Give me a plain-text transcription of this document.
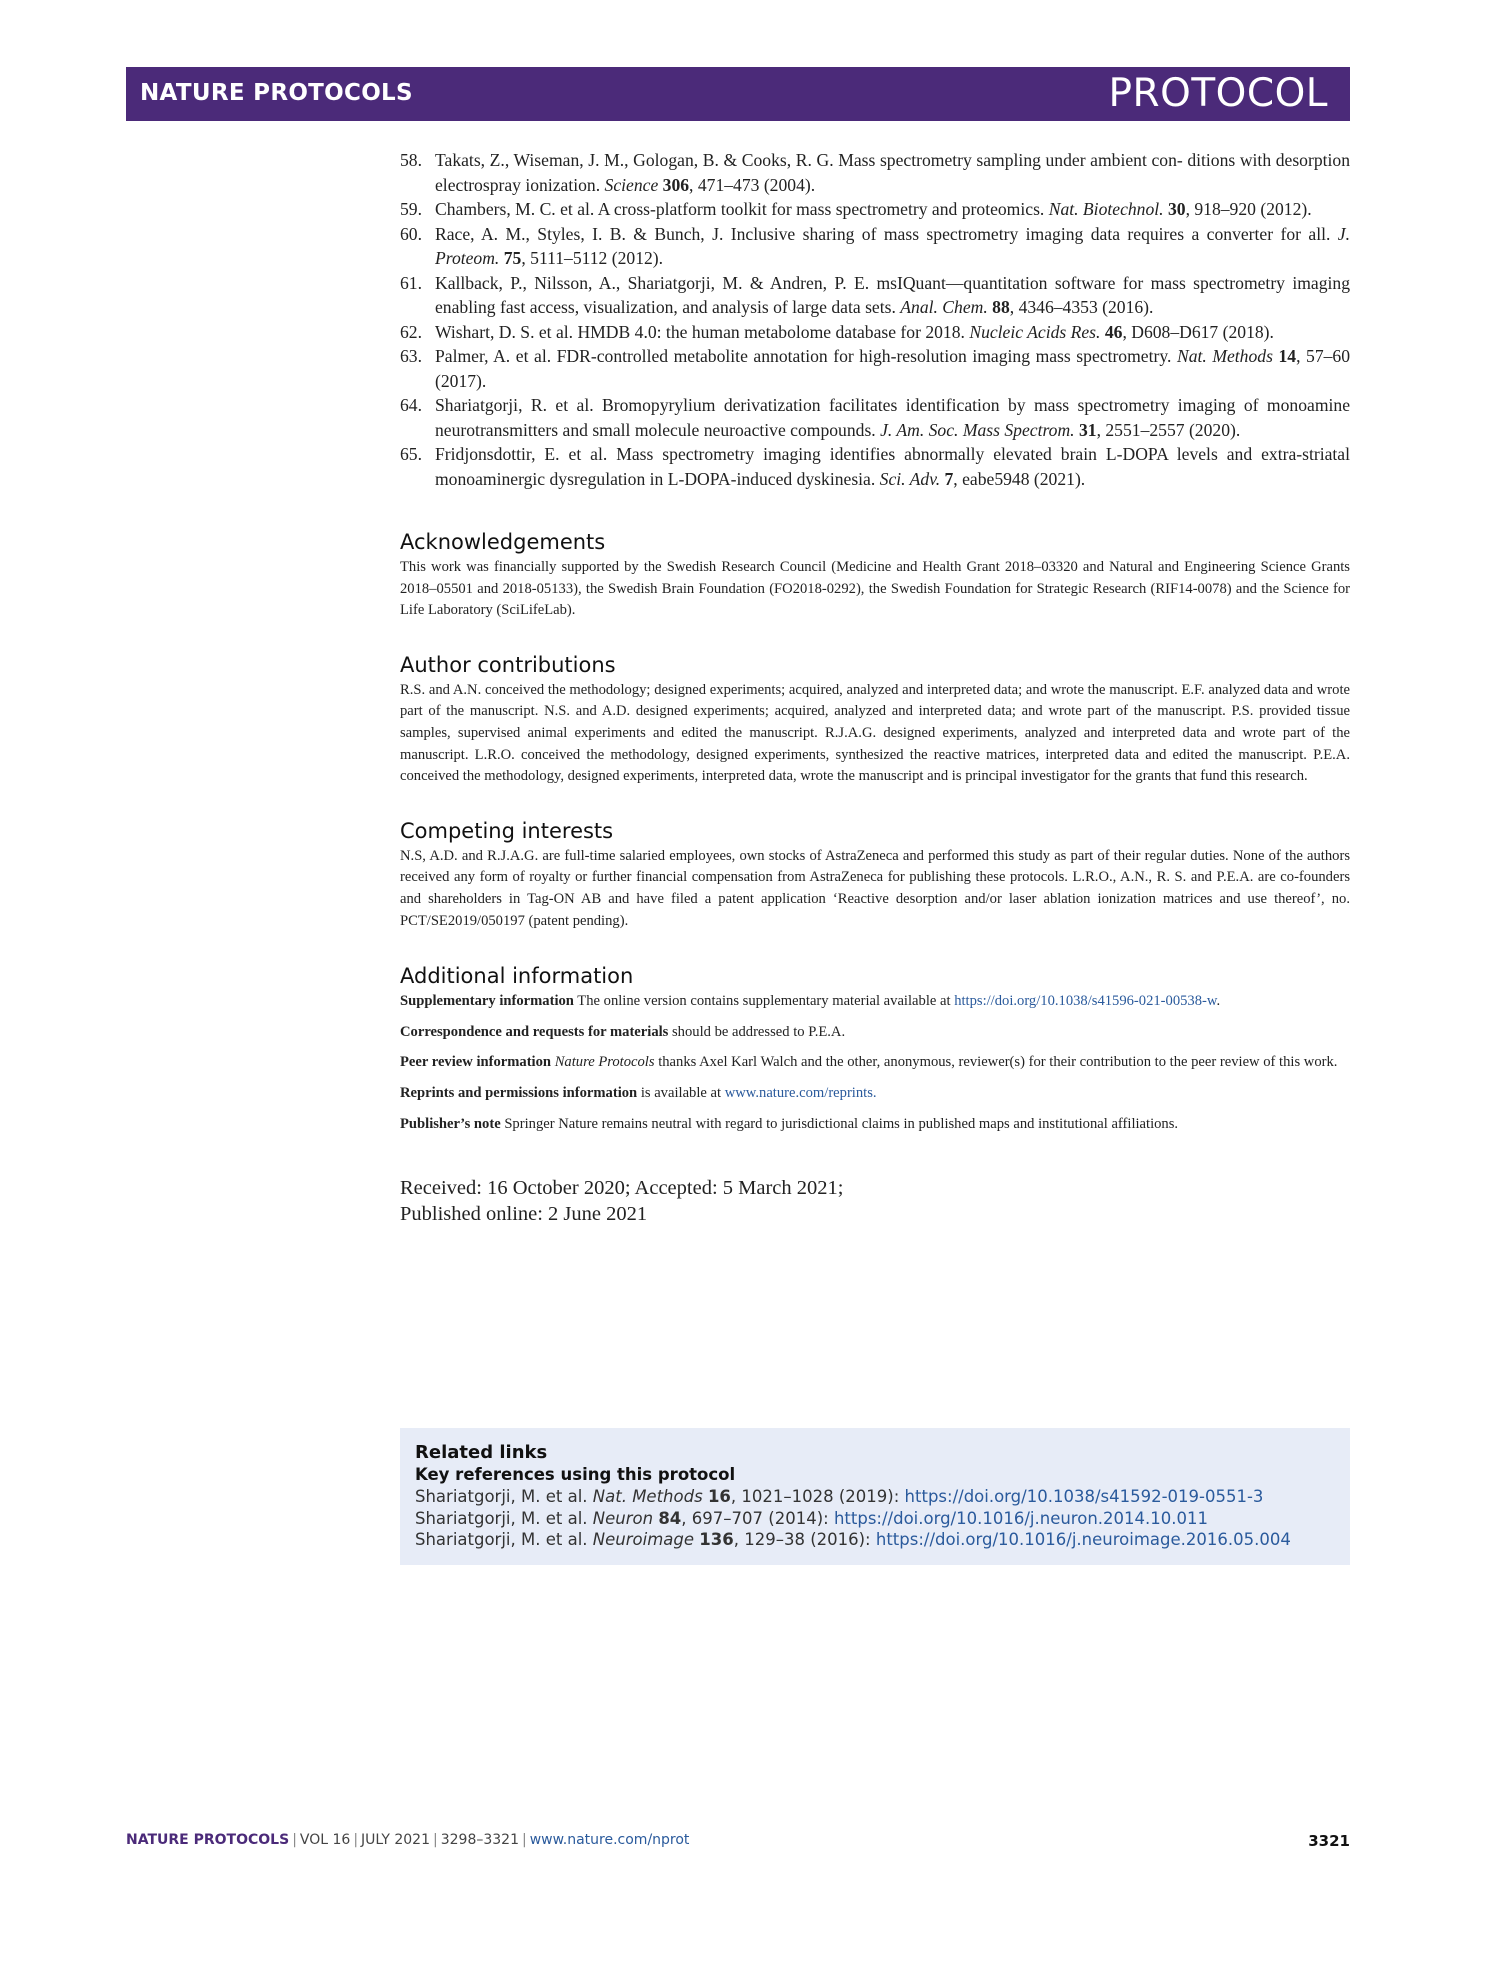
NATURE PROTOCOLS	PROTOCOL
58. Takats, Z., Wiseman, J. M., Gologan, B. & Cooks, R. G. Mass spectrometry sampling under ambient con- ditions with desorption electrospray ionization. Science 306, 471–473 (2004).
59. Chambers, M. C. et al. A cross-platform toolkit for mass spectrometry and proteomics. Nat. Biotechnol. 30, 918–920 (2012).
60. Race, A. M., Styles, I. B. & Bunch, J. Inclusive sharing of mass spectrometry imaging data requires a converter for all. J. Proteom. 75, 5111–5112 (2012).
61. Kallback, P., Nilsson, A., Shariatgorji, M. & Andren, P. E. msIQuant—quantitation software for mass spectrometry imaging enabling fast access, visualization, and analysis of large data sets. Anal. Chem. 88, 4346–4353 (2016).
62. Wishart, D. S. et al. HMDB 4.0: the human metabolome database for 2018. Nucleic Acids Res. 46, D608–D617 (2018).
63. Palmer, A. et al. FDR-controlled metabolite annotation for high-resolution imaging mass spectrometry. Nat. Methods 14, 57–60 (2017).
64. Shariatgorji, R. et al. Bromopyrylium derivatization facilitates identification by mass spectrometry imaging of monoamine neurotransmitters and small molecule neuroactive compounds. J. Am. Soc. Mass Spectrom. 31, 2551–2557 (2020).
65. Fridjonsdottir, E. et al. Mass spectrometry imaging identifies abnormally elevated brain L-DOPA levels and extra-striatal monoaminergic dysregulation in L-DOPA-induced dyskinesia. Sci. Adv. 7, eabe5948 (2021).
Acknowledgements

This work was financially supported by the Swedish Research Council (Medicine and Health Grant 2018–03320 and Natural and Engineering Science Grants 2018–05501 and 2018-05133), the Swedish Brain Foundation (FO2018-0292), the Swedish Foundation for Strategic Research (RIF14-0078) and the Science for Life Laboratory (SciLifeLab).

Author contributions

R.S. and A.N. conceived the methodology; designed experiments; acquired, analyzed and interpreted data; and wrote the manuscript. E.F. analyzed data and wrote part of the manuscript. N.S. and A.D. designed experiments; acquired, analyzed and interpreted data; and wrote part of the manuscript. P.S. provided tissue samples, supervised animal experiments and edited the manuscript. R.J.A.G. designed experiments, analyzed and interpreted data and wrote part of the manuscript. L.R.O. conceived the methodology, designed experiments, synthesized the reactive matrices, interpreted data and edited the manuscript. P.E.A. conceived the methodology, designed experiments, interpreted data, wrote the manuscript and is principal investigator for the grants that fund this research.

Competing interests

N.S, A.D. and R.J.A.G. are full-time salaried employees, own stocks of AstraZeneca and performed this study as part of their regular duties. None of the authors received any form of royalty or further financial compensation from AstraZeneca for publishing these protocols. L.R.O., A.N., R. S. and P.E.A. are co-founders and shareholders in Tag-ON AB and have filed a patent application ‘Reactive desorption and/or laser ablation ionization matrices and use thereof’, no. PCT/SE2019/050197 (patent pending).

Additional information

Supplementary information The online version contains supplementary material available at https://doi.org/10.1038/s41596-021-00538-w.

Correspondence and requests for materials should be addressed to P.E.A.

Peer review information Nature Protocols thanks Axel Karl Walch and the other, anonymous, reviewer(s) for their contribution to the peer review of this work.

Reprints and permissions information is available at www.nature.com/reprints.

Publisher’s note Springer Nature remains neutral with regard to jurisdictional claims in published maps and institutional affiliations.

Received: 16 October 2020; Accepted: 5 March 2021;
Published online: 2 June 2021
Related links
Key references using this protocol
Shariatgorji, M. et al. Nat. Methods 16, 1021–1028 (2019): https://doi.org/10.1038/s41592-019-0551-3
Shariatgorji, M. et al. Neuron 84, 697–707 (2014): https://doi.org/10.1016/j.neuron.2014.10.011
Shariatgorji, M. et al. Neuroimage 136, 129–38 (2016): https://doi.org/10.1016/j.neuroimage.2016.05.004
NATURE PROTOCOLS | VOL 16 | JULY 2021 | 3298–3321 | www.nature.com/nprot	3321
